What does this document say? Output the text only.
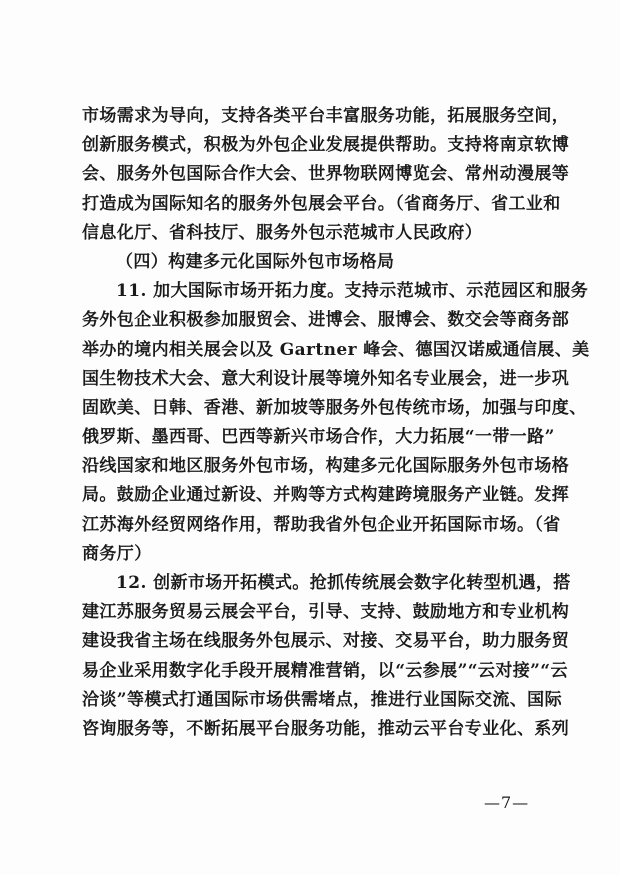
市场需求为导向，支持各类平台丰富服务功能，拓展服务空间，
创新服务模式，积极为外包企业发展提供帮助。支持将南京软博
会、服务外包国际合作大会、世界物联网博览会、常州动漫展等
打造成为国际知名的服务外包展会平台。（省商务厅、省工业和
信息化厅、省科技厅、服务外包示范城市人民政府）
（四）构建多元化国际外包市场格局
11. 加大国际市场开拓力度。支持示范城市、示范园区和服务
务外包企业积极参加服贸会、进博会、服博会、数交会等商务部
举办的境内相关展会以及 Gartner 峰会、德国汉诺威通信展、美
国生物技术大会、意大利设计展等境外知名专业展会，进一步巩
固欧美、日韩、香港、新加坡等服务外包传统市场，加强与印度、
俄罗斯、墨西哥、巴西等新兴市场合作，大力拓展“一带一路”
沿线国家和地区服务外包市场，构建多元化国际服务外包市场格
局。鼓励企业通过新设、并购等方式构建跨境服务产业链。发挥
江苏海外经贸网络作用，帮助我省外包企业开拓国际市场。（省
商务厅）
12. 创新市场开拓模式。抢抓传统展会数字化转型机遇，搭
建江苏服务贸易云展会平台，引导、支持、鼓励地方和专业机构
建设我省主场在线服务外包展示、对接、交易平台，助力服务贸
易企业采用数字化手段开展精准营销，以“云参展”“云对接”“云
洽谈”等模式打通国际市场供需堵点，推进行业国际交流、国际
咨询服务等，不断拓展平台服务功能，推动云平台专业化、系列
—7—
